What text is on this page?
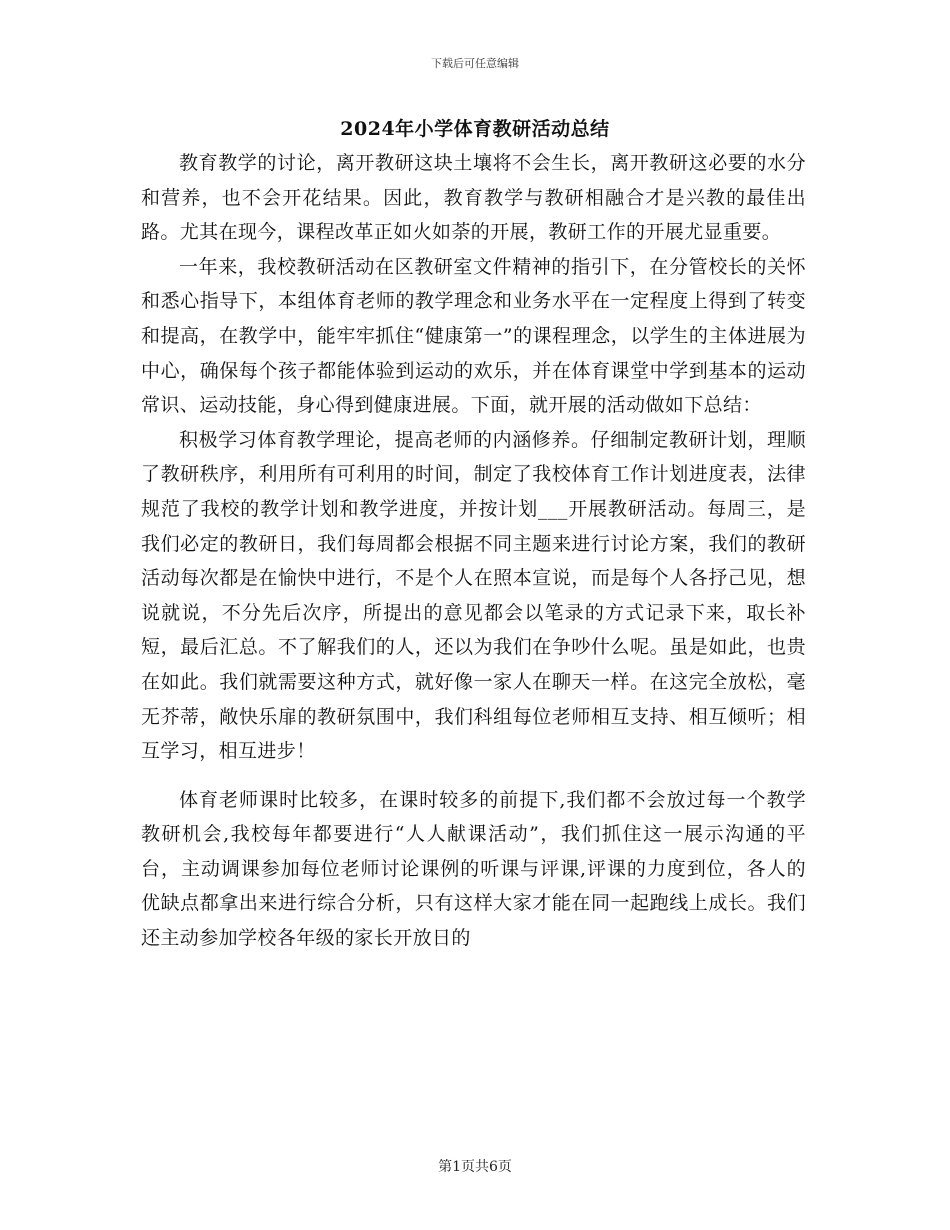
下载后可任意编辑
2024年小学体育教研活动总结

教育教学的讨论，离开教研这块土壤将不会生长，离开教研这必要的水分和营养，也不会开花结果。因此，教育教学与教研相融合才是兴教的最佳出路。尤其在现今，课程改革正如火如荼的开展，教研工作的开展尤显重要。

一年来，我校教研活动在区教研室文件精神的指引下，在分管校长的关怀和悉心指导下，本组体育老师的教学理念和业务水平在一定程度上得到了转变和提高，在教学中，能牢牢抓住“健康第一”的课程理念，以学生的主体进展为中心，确保每个孩子都能体验到运动的欢乐，并在体育课堂中学到基本的运动常识、运动技能，身心得到健康进展。下面，就开展的活动做如下总结：

积极学习体育教学理论，提高老师的内涵修养。仔细制定教研计划，理顺了教研秩序，利用所有可利用的时间，制定了我校体育工作计划进度表，法律规范了我校的教学计划和教学进度，并按计划___开展教研活动。每周三，是我们必定的教研日，我们每周都会根据不同主题来进行讨论方案，我们的教研活动每次都是在愉快中进行，不是个人在照本宣说，而是每个人各抒己见，想说就说，不分先后次序，所提出的意见都会以笔录的方式记录下来，取长补短，最后汇总。不了解我们的人，还以为我们在争吵什么呢。虽是如此，也贵在如此。我们就需要这种方式，就好像一家人在聊天一样。在这完全放松，毫无芥蒂，敞快乐扉的教研氛围中，我们科组每位老师相互支持、相互倾听；相互学习，相互进步！

体育老师课时比较多，在课时较多的前提下,我们都不会放过每一个教学教研机会,我校每年都要进行“人人献课活动”，我们抓住这一展示沟通的平台，主动调课参加每位老师讨论课例的听课与评课,评课的力度到位，各人的优缺点都拿出来进行综合分析，只有这样大家才能在同一起跑线上成长。我们还主动参加学校各年级的家长开放日的

第1页共6页
